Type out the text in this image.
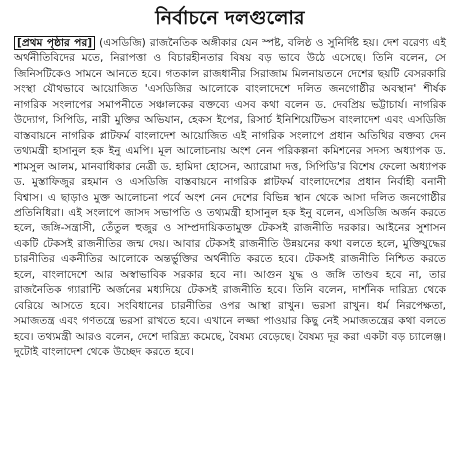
নির্বাচনে দলগুলোর

[প্রথম পৃষ্ঠার পর] (এসডিজি) রাজনৈতিক অঙ্গীকার যেন স্পষ্ট, বলিষ্ঠ ও সুনির্দিষ্ট হয়। দেশ বরেণ্য এই অর্থনীতিবিদের মতে, নিরাপত্তা ও বিচারহীনতার বিষয় বড় ভাবে উঠে এসেছে। তিনি বলেন, সে জিনিসটিকেও সামনে আনতে হবে। গতকাল রাজধানীর সিরাজাম মিলনায়তনে দেশের ছয়টি বেসরকারি সংস্থা যৌথভাবে আয়োজিত 'এসডিজির আলোকে বাংলাদেশে দলিত জনগোষ্ঠীর অবস্থান' শীর্ষক নাগরিক সংলাপের সমাপনীতে সঞ্চালকের বক্তব্যে এসব কথা বলেন ড. দেবপ্রিয় ভট্টাচার্য। নাগরিক উদ্যোগ, সিপিডি, নারী মুক্তির অভিযান, হেকস ইপের, রিসার্চ ইনিশিয়েটিভস বাংলাদেশ এবং এসডিজি বাস্তবায়নে নাগরিক প্লাটফর্ম বাংলাদেশ আয়োজিত এই নাগরিক সংলাপে প্রধান অতিথির বক্তব্য দেন তথ্যমন্ত্রী হাসানুল হক ইনু এমপি। মূল আলোচনায় অংশ নেন পরিকল্পনা কমিশনের সদস্য অধ্যাপক ড. শামসুল আলম, মানবাধিকার নেত্রী ড. হামিদা হোসেন, অ্যারোমা দত্ত, সিপিডি'র বিশেষ ফেলো অধ্যাপক ড. মুস্তাফিজুর রহমান ও এসডিজি বাস্তবায়নে নাগরিক প্লাটফর্ম বাংলাদেশের প্রধান নির্বাহী বনানী বিশ্বাস। এ ছাড়াও মুক্ত আলোচনা পর্বে অংশ নেন দেশের বিভিন্ন স্থান থেকে আসা দলিত জনগোষ্ঠীর প্রতিনিধিরা। এই সংলাপে জাসদ সভাপতি ও তথ্যমন্ত্রী হাসানুল হক ইনু বলেন, এসডিজি অর্জন করতে হলে, জঙ্গি-সন্ত্রাসী, তেঁতুল হুজুর ও সাম্প্রদায়িকতামুক্ত টেকসই রাজনীতি দরকার। আইনের সুশাসন একটি টেকসই রাজনীতির জন্ম দেয়। আবার টেকসই রাজনীতি উন্নয়নের কথা বলতে হলে, মুক্তিযুদ্ধের চারনীতির একনীতির আলোকে অন্তর্ভুক্তির অর্থনীতি করতে হবে। টেকসই রাজনীতি নিশ্চিত করতে হলে, বাংলাদেশে আর অস্বাভাবিক সরকার হবে না। আগুন যুদ্ধ ও জঙ্গি তাণ্ডব হবে না, তার রাজনৈতিক গ্যারান্টি অর্জনের মধ্যদিয়ে টেকসই রাজনীতি হবে। তিনি বলেন, দার্শনিক দারিদ্র্য থেকে বেরিয়ে আসতে হবে। সংবিধানের চারনীতির ওপর আস্থা রাখুন। ভরসা রাখুন। ধর্ম নিরপেক্ষতা, সমাজতন্ত্র এবং গণতন্ত্রে ভরসা রাখতে হবে। এখানে লজ্জা পাওয়ার কিছু নেই সমাজতন্ত্রের কথা বলতে হবে। তথ্যমন্ত্রী আরও বলেন, দেশে দারিদ্র্য কমেছে, বৈষম্য বেড়েছে। বৈষম্য দূর করা একটা বড় চ্যালেঞ্জ। দুটোই বাংলাদেশ থেকে উচ্ছেদ করতে হবে।
